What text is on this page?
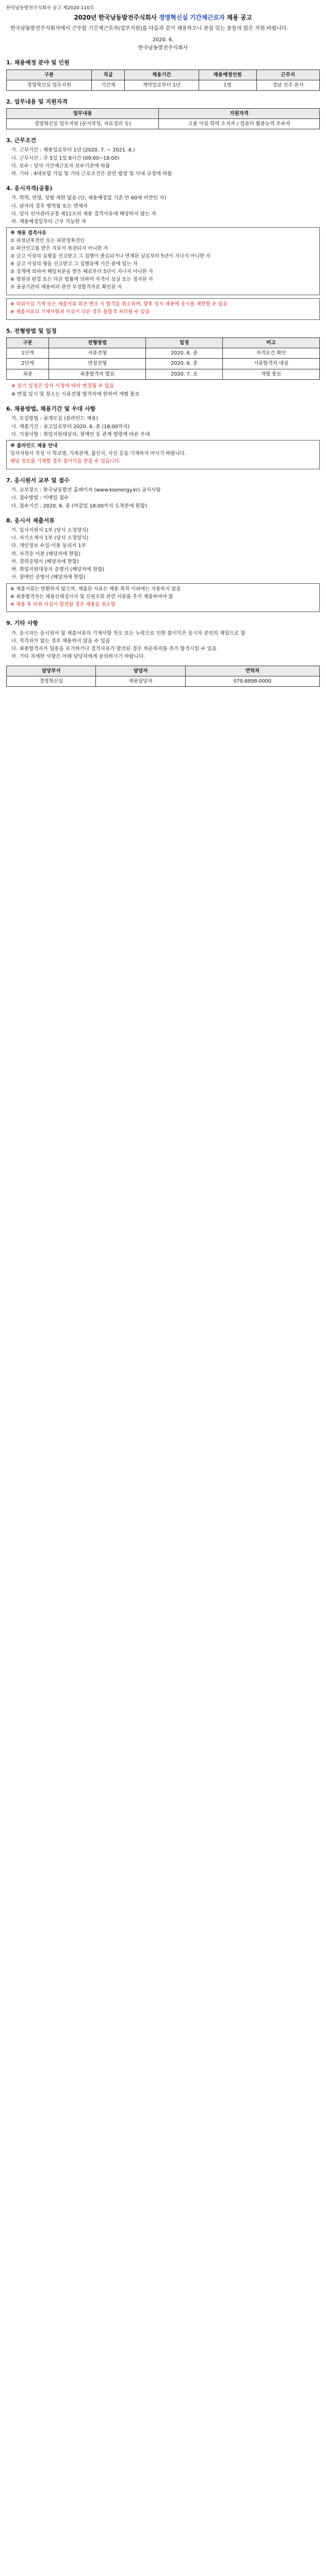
한국남동발전주식회사 공고 제2020-110호
2020년 한국남동발전주식회사 경영혁신실 기간제근로자 채용 공고

한국남동발전주식회사에서 근무할 기간제근로자(업무지원)를 다음과 같이 채용하오니 관심 있는 분들의 많은 지원 바랍니다.

2020. 6.
한국남동발전주식회사
1. 채용예정 분야 및 인원
구분	직급	채용기간	채용예정인원	근무지
경영혁신실 업무지원	기간제	계약일로부터 1년	1명	경남 진주 본사
2. 업무내용 및 지원자격
업무내용	지원자격
경영혁신실 업무지원 (문서작성, 자료정리 등)	고졸 이상 학력 소지자 / 컴퓨터 활용능력 우수자
3. 근무조건
가. 근무기간 : 채용일로부터 1년 (2020. 7. ~ 2021. 6.)
나. 근무시간 : 주 5일 1일 8시간 (09:00~18:00)
다. 보수 : 당사 기간제근로자 보수기준에 따름
라. 기타 : 4대보험 가입 및 기타 근로조건은 관련 법령 및 사내 규정에 따름
4. 응시자격(공통)
가. 학력, 연령, 성별 제한 없음 (단, 채용예정일 기준 만 60세 미만인 자)
나. 남자의 경우 병역필 또는 면제자
다. 당사 인사관리규정 제11조의 채용 결격사유에 해당하지 않는 자
라. 채용예정일부터 근무 가능한 자

※ 채용 결격사유

① 피성년후견인 또는 피한정후견인

② 파산선고를 받은 자로서 복권되지 아니한 자

③ 금고 이상의 실형을 선고받고 그 집행이 종료되거나 면제된 날로부터 5년이 지나지 아니한 자

④ 금고 이상의 형을 선고받고 그 집행유예 기간 중에 있는 자

⑤ 징계에 의하여 해임처분을 받은 때로부터 5년이 지나지 아니한 자

⑥ 법원의 판결 또는 다른 법률에 의하여 자격이 상실 또는 정지된 자

⑦ 공공기관의 채용비리 관련 부정합격자로 확인된 자

※ 허위사실 기재 또는 제출서류 위조·변조 시 합격을 취소하며, 향후 당사 채용에 응시를 제한할 수 있음

※ 제출서류의 기재사항과 사실이 다른 경우 불합격 처리될 수 있음

5. 전형방법 및 일정
구분	전형방법	일정	비고
1단계	서류전형	2020. 6. 중	자격요건 확인
2단계	면접전형	2020. 6. 중	서류합격자 대상
최종	최종합격자 발표	2020. 7. 초	개별 통보

※ 상기 일정은 당사 사정에 따라 변경될 수 있음

※ 면접 일시 및 장소는 서류전형 합격자에 한하여 개별 통보

6. 채용방법, 채용기간 및 우대 사항
가. 모집방법 : 공개모집 (블라인드 채용)
나. 제출기간 : 공고일로부터 2020. 6. 중 (18:00까지)
다. 가점사항 : 취업지원대상자, 장애인 등 관계 법령에 따른 우대

※ 블라인드 채용 안내

입사지원서 작성 시 학교명, 가족관계, 출신지, 사진 등을 기재하지 마시기 바랍니다.

해당 정보를 기재할 경우 불이익을 받을 수 있습니다.

7. 응시원서 교부 및 접수
가. 교부장소 : 한국남동발전 홈페이지 (www.koenergy.kr) 공지사항
나. 접수방법 : 이메일 접수
다. 접수기간 : 2020. 6. 중 (마감일 18:00까지 도착분에 한함)
8. 응시서 제출서류
가. 입사지원서 1부 (당사 소정양식)
나. 자기소개서 1부 (당사 소정양식)
다. 개인정보 수집·이용 동의서 1부
라. 자격증 사본 (해당자에 한함)
마. 경력증명서 (해당자에 한함)
바. 취업지원대상자 증명서 (해당자에 한함)
사. 장애인 증명서 (해당자에 한함)

※ 제출서류는 반환하지 않으며, 제출된 서류는 채용 목적 이외에는 사용하지 않음

※ 최종합격자는 채용신체검사서 및 신원조회 관련 서류를 추가 제출하여야 함

※ 채용 후 허위 사실이 발견될 경우 채용을 취소함

9. 기타 사항
가. 응시자는 응시원서 및 제출서류의 기재사항 착오 또는 누락으로 인한 불이익은 응시자 본인의 책임으로 함
나. 적격자가 없는 경우 채용하지 않을 수 있음
다. 최종합격자가 임용을 포기하거나 결격사유가 발견된 경우 차순위자를 추가 합격시킬 수 있음
라. 기타 자세한 사항은 아래 담당자에게 문의하시기 바랍니다.
담당부서	담당자	연락처
경영혁신실	채용담당자	070-8898-0000
